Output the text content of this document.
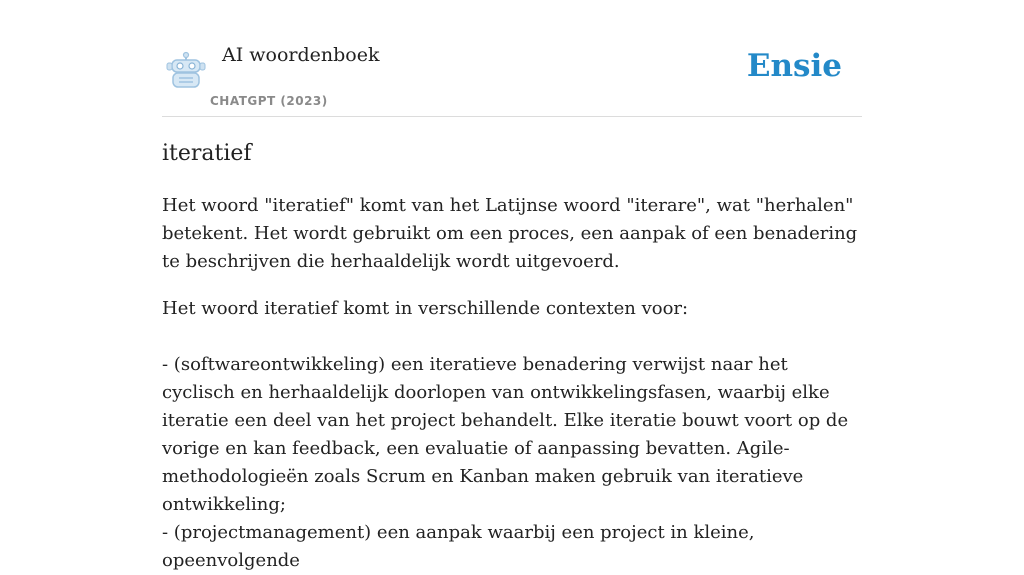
AI woordenboek
CHATGPT (2023)
Ensie
iteratief

Het woord "iteratief" komt van het Latijnse woord "iterare", wat "herhalen" betekent. Het wordt gebruikt om een proces, een aanpak of een benadering te beschrijven die herhaaldelijk wordt uitgevoerd.

Het woord iteratief komt in verschillende contexten voor:

- (softwareontwikkeling) een iteratieve benadering verwijst naar het cyclisch en herhaaldelijk doorlopen van ontwikkelingsfasen, waarbij elke iteratie een deel van het project behandelt. Elke iteratie bouwt voort op de vorige en kan feedback, een evaluatie of aanpassing bevatten. Agile-methodologieën zoals Scrum en Kanban maken gebruik van iteratieve ontwikkeling;

- (projectmanagement) een aanpak waarbij een project in kleine, opeenvolgende
